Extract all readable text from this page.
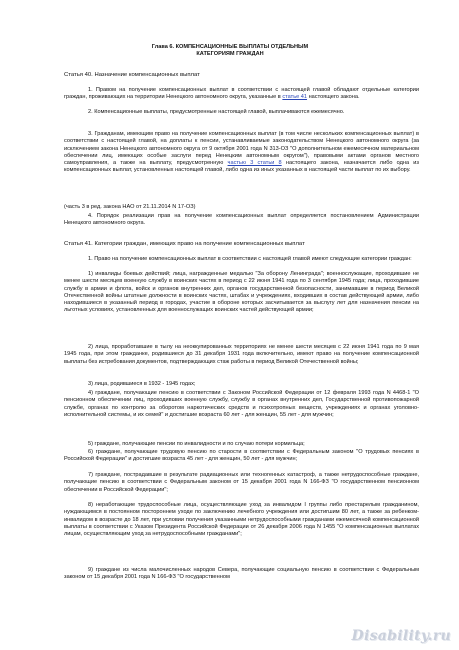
Глава 6. КОМПЕНСАЦИОННЫЕ ВЫПЛАТЫ ОТДЕЛЬНЫМ
КАТЕГОРИЯМ ГРАЖДАН
Статья 40. Назначение компенсационных выплат

1. Правом на получение компенсационных выплат в соответствии с настоящей главой обладают отдельные категории граждан, проживающих на территории Ненецкого автономного округа, указанные в статье 41 настоящего закона.

2. Компенсационные выплаты, предусмотренные настоящей главой, выплачиваются ежемесячно.

3. Гражданам, имеющим право на получение компенсационных выплат (в том числе нескольких компенсационных выплат) в соответствии с настоящей главой, на доплаты к пенсии, устанавливаемые законодательством Ненецкого автономного округа (за исключением закона Ненецкого автономного округа от 9 октября 2001 года N 313-ОЗ "О дополнительном ежемесячном материальном обеспечении лиц, имеющих особые заслуги перед Ненецким автономным округом"), правовыми актами органов местного самоуправления, а также на выплату, предусмотренную частью 3 статьи 8 настоящего закона, назначается либо одна из компенсационных выплат, установленных настоящей главой, либо одна из иных указанных в настоящей части выплат по их выбору.

(часть 3 в ред. закона НАО от 21.11.2014 N 17-ОЗ)

4. Порядок реализации прав на получение компенсационных выплат определяется постановлением Администрации Ненецкого автономного округа.

Статья 41. Категории граждан, имеющих право на получение компенсационных выплат

1. Право на получение компенсационных выплат в соответствии с настоящей главой имеют следующие категории граждан:

1) инвалиды боевых действий; лица, награжденные медалью "За оборону Ленинграда"; военнослужащие, проходившие не менее шести месяцев военную службу в воинских частях в период с 22 июня 1941 года по 3 сентября 1945 года; лица, проходившие службу в армии и флота, войск и органов внутренних дел, органов государственной безопасности, занимавшие в период Великой Отечественной войны штатные должности в воинских частях, штабах и учреждениях, входивших в состав действующей армии, либо находившиеся в указанный период в городах, участие в обороне которых засчитывается за выслугу лет для назначения пенсии на льготных условиях, установленных для военнослужащих воинских частей действующей армии;

2) лица, проработавшие в тылу на неоккупированных территориях не менее шести месяцев с 22 июня 1941 года по 9 мая 1945 года, при этом гражданке, родившиеся до 31 декабря 1931 года включительно, имеют право на получение компенсационной выплаты без истребования документов, подтверждающих стаж работы в период Великой Отечественной войны;

3) лица, родившиеся в 1932 - 1945 годах;

4) граждане, получающие пенсию в соответствии с Законом Российской Федерации от 12 февраля 1993 года N 4468-1 "О пенсионном обеспечении лиц, проходивших военную службу, службу в органах внутренних дел, Государственной противопожарной службе, органах по контролю за оборотом наркотических средств и психотропных веществ, учреждениях и органах уголовно-исполнительной системы, и их семей" и достигшие возраста 60 лет - для женщин, 55 лет - для мужчин;

5) граждане, получающие пенсии по инвалидности и по случаю потери кормильца;

6) граждане, получающие трудовую пенсию по старости в соответствии с Федеральным законом "О трудовых пенсиях в Российской Федерации" и достигшие возраста 45 лет - для женщин, 50 лет - для мужчин;

7) граждане, пострадавшие в результате радиационных или техногенных катастроф, а также нетрудоспособные граждане, получающие пенсию в соответствии с Федеральным законом от 15 декабря 2001 года N 166-ФЗ "О государственном пенсионном обеспечении в Российской Федерации";

8) неработающие трудоспособные лица, осуществляющие уход за инвалидом I группы либо престарелым гражданином, нуждающимся в постоянном постороннем уходе по заключению лечебного учреждения или достигшим 80 лет, а также за ребенком-инвалидом в возрасте до 18 лет, при условии получения указанными нетрудоспособными гражданами ежемесячной компенсационной выплаты в соответствии с Указом Президента Российской Федерации от 26 декабря 2006 года N 1455 "О компенсационных выплатах лицам, осуществляющим уход за нетрудоспособными гражданами";

9) граждане из числа малочисленных народов Севера, получающие социальную пенсию в соответствии с Федеральным законом от 15 декабря 2001 года N 166-ФЗ "О государственном

Disability.ru
